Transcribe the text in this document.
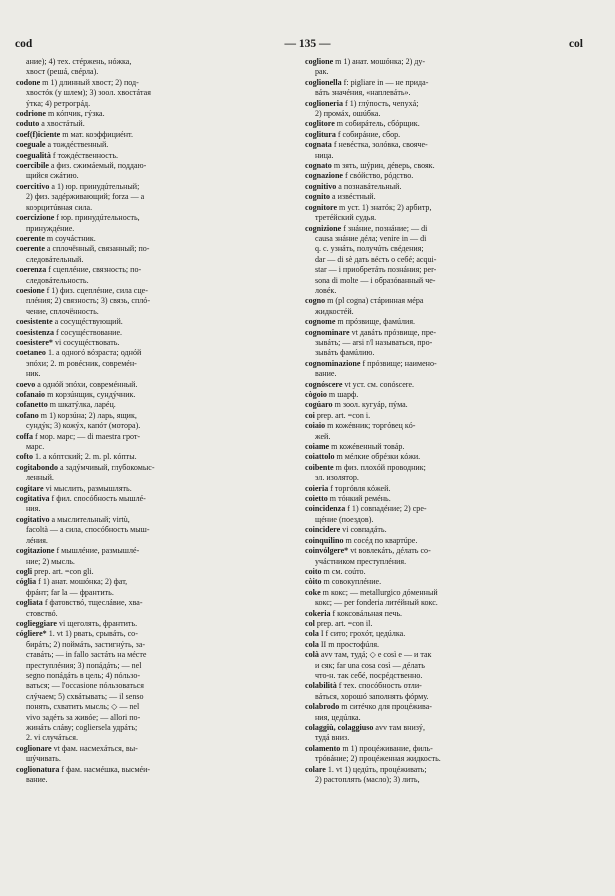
cod	— 135 —	col
ание); 4) тех. стéржень, нóжка,
хвост (решá, свéрла).
codone m 1) длинный хвост; 2) под-
хвостóк (у шлем); 3) зоол. хвостáтая
ýтка; 4) ретрогрáд.
codrione m кóпчик, гýзка.
coduto a хвостáтый.
coef(f)iciente m мат. коэффициéнт.
coeguale a тождéственный.
coegualità f тождéственность.
coercibile a физ. сжимáемый, поддаю-
щийся сжáтию.
coercitivo a 1) юр. принудúтельный;
2) физ. задéрживающий; forza — a
коэрцитúвная сила.
coercizione f юр. принудúтельность,
принуждéние.
coerente m соучáстник.
coerente a сплочённый, связанный; по-
следовáтельный.
coerenza f сцеплéние, связность; по-
следовáтельность.
coesione f 1) физ. сцеплéние, сила сце-
плéния; 2) связность; 3) связь, сплó-
чение, сплочённость.
coesistente a сосущéствующий.
coesistenza f сосущéствование.
coesistere* vi сосущéствовать.
coetaneo 1. a одногó вóзраста; однóй
эпóхи; 2. m ровéсник, совремéн-
ник.
coevo a однóй эпóхи, совремéнный.
cofanaio m корзúнщик, сундýчник.
cofanetto m шкатýлка, ларéц.
cofano m 1) корзúна; 2) ларь, ящик,
сундýк; 3) кожýх, капóт (мотора).
coffa f мор. марс; — di maestra грот-
марс.
cofto 1. a кóптский; 2. m. pl. кóпты.
cogitabondo a задýмчивый, глубокомыс-
ленный.
cogitare vi мыслить, размышлять.
cogitativa f фил. спосóбность мышлé-
ния.
cogitativo a мыслительный; virtù,
facoltà — a сила, спосóбность мыш-
лéния.
cogitazione f мышлéние, размышлé-
ние; 2) мысль.
cogli prep. art. =con gli.
cóglia f 1) анат. мошóнка; 2) фат,
фрáнт; far la — франтить.
cogliata f фатовствó, тщеслáвие, хва-
стовствó.
coglieggiare vi щеголять, франтить.
cógliere* 1. vt 1) рвать, срывáть, со-
бирáть; 2) поймáть, застигнýть, за-
ставáть; — in fallo застáть на мéсте
преступлéния; 3) попáдáть; — nel
segno попáдáть в цель; 4) пóльзо-
ваться; — l'occasione пóльзоваться
слýчаем; 5) схвáтывать; — il senso
понять, схватить мысль; ◇ — nel
vivo задéть за живóе; — allori по-
жинáть слáву; cogliersela удрáть;
2. vi случáться.
coglionare vt фам. насмехáться, вы-
шýчивать.
coglionatura f фам. насмéшка, высмéи-
вание.
coglione m 1) анат. мошóнка; 2) ду-
рак.
coglionella f: pigliare in — не прида-
вáть значéния, «наплевáть».
coglioneria f 1) глýпость, чепухá;
2) промáх, ошúбка.
coglitore m собирáтель, сбóрщик.
coglitura f собирáние, сбор.
cognata f невéстка, золóвка, свояче-
ница.
cognato m зять, шýрин, дéверь, свояк.
cognazione f свóйство, рóдство.
cognitivo a познавáтельный.
cognito a извéстный.
cognitore m уст. 1) знатóк; 2) арбитр,
третéйский судья.
cognizione f знáние, познáние; — di
causa знáние дéла; venire in — di
q. c. узнáть, получúть свéдения;
dar — di sè дать вéсть о себé; acqui-
star — i приобретáть познáния; per-
sona di molte — i образóванный че-
ловéк.
cogno m (pl cogna) стáринная мéра
жидкостéй.
cognome m прóзвище, фамúлия.
cognominare vt давáть прóзвище, пре-
зывáть; — arsi r/l называться, про-
зывáть фамúлию.
cognominazione f прóзвище; наимено-
вание.
cognóscere vt уст. см. conóscere.
cògoio m шарф.
cogúaro m зоол. кугуáр, пýма.
coi prep. art. =con i.
coiaio m кожéвник; торгóвец кó-
жей.
coiame m кожéвенный товáр.
coiattolo m мéлкие обрéзки кóжи.
coibente m физ. плохóй проводник;
эл. изолятор.
coieria f торгóвля кóжей.
coietto m тóнкий ремéнь.
coincidenza f 1) совпадéние; 2) сре-
щéние (поездов).
coincidere vi совпадáть.
coinquilino m сосéд по квартúре.
coinvólgere* vt вовлекáть, дéлать со-
учáстником преступлéния.
coito m см. соúто.
còito m совокуплéние.
coke m кокс; — metallurgico дóменный
кокс; — per fonderia литéйный кокс.
cokeria f коксовáльная печь.
col prep. art. =con il.
cola I f сито; грохóт, цедúлка.
cola II m простофúля.
colà avv там, тудá; ◇ e così e — и так
и сяк; far una cosa così — дéлать
что-н. так себé, посрéдственно.
colabilità f тех. спосóбность отли-
вáться, хорошó заполнять фóрму.
colabrodo m ситéчко для процéжива-
ния, цедúлка.
colaggiù, colaggiuso avv там внизý,
тудá вниз.
colamento m 1) процéживание, филь-
трóвáние; 2) процéженная жидкость.
colare 1. vt 1) цедúть, процéживать;
2) растоплять (масло); 3) лить,
